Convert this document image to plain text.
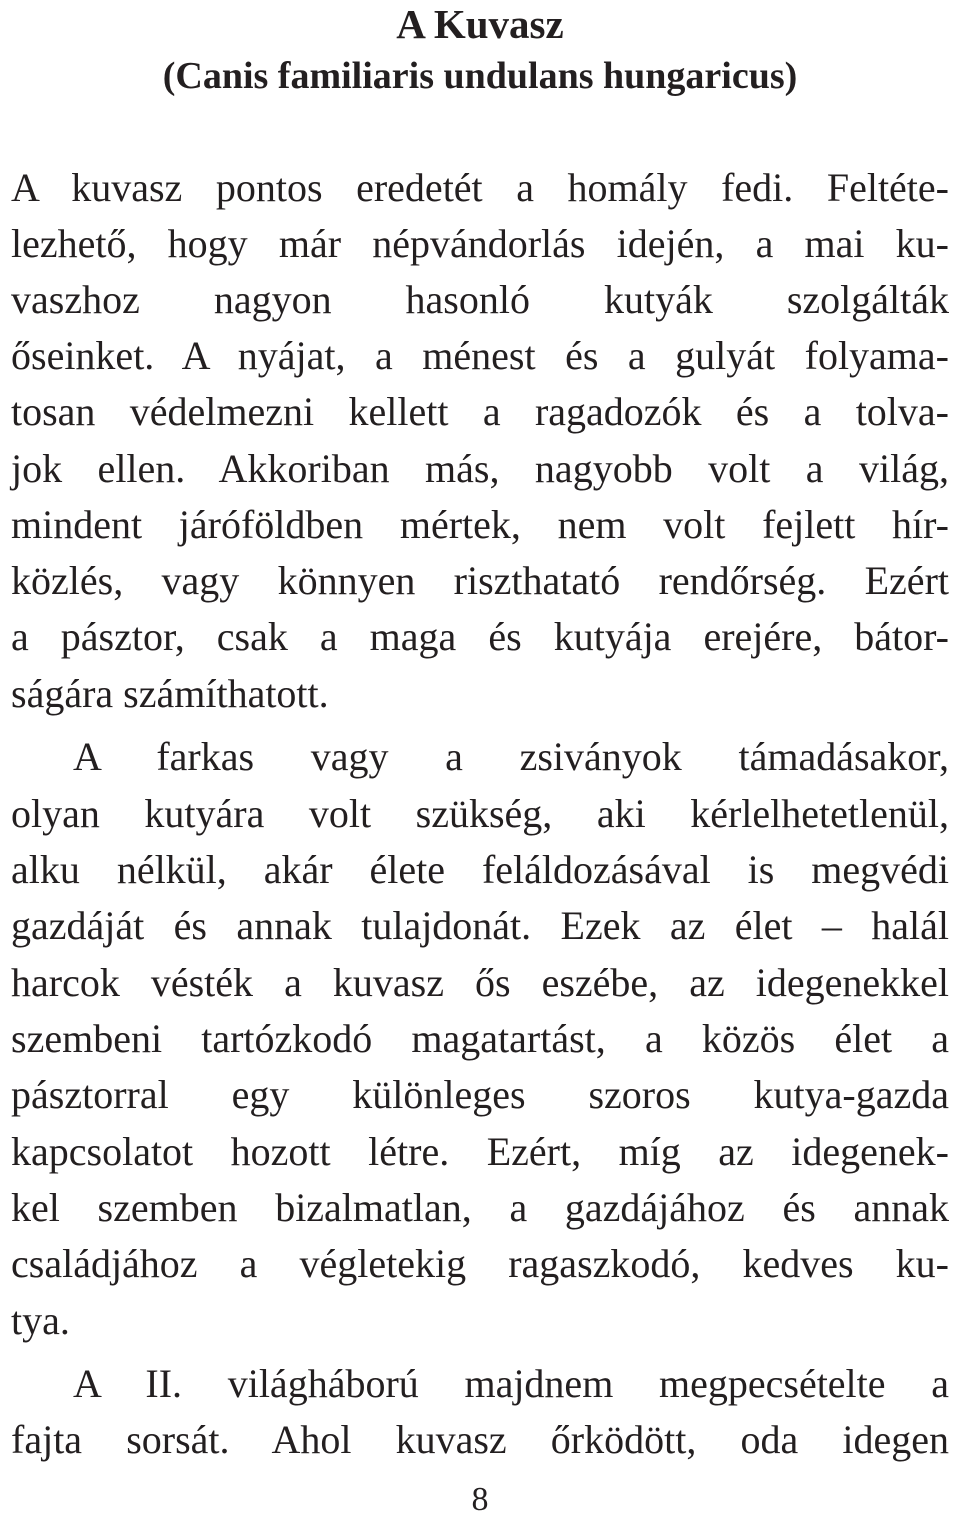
A Kuvasz
(Canis familiaris undulans hungaricus)

A kuvasz pontos eredetét a homály fedi. Feltéte-

lezhető, hogy már népvándorlás idején, a mai ku-

vaszhoz nagyon hasonló kutyák szolgálták

őseinket. A nyájat, a ménest és a gulyát folyama-

tosan védelmezni kellett a ragadozók és a tolva-

jok ellen. Akkoriban más, nagyobb volt a világ,

mindent járóföldben mértek, nem volt fejlett hír-

közlés, vagy könnyen riszthatató rendőrség. Ezért

a pásztor, csak a maga és kutyája erejére, bátor-

ságára számíthatott.

A farkas vagy a zsiványok támadásakor,

olyan kutyára volt szükség, aki kérlelhetetlenül,

alku nélkül, akár élete feláldozásával is megvédi

gazdáját és annak tulajdonát. Ezek az élet – halál

harcok vésték a kuvasz ős eszébe, az idegenekkel

szembeni tartózkodó magatartást, a közös élet a

pásztorral egy különleges szoros kutya-gazda

kapcsolatot hozott létre. Ezért, míg az idegenek-

kel szemben bizalmatlan, a gazdájához és annak

családjához a végletekig ragaszkodó, kedves ku-

tya.

A II. világháború majdnem megpecsételte a

fajta sorsát. Ahol kuvasz őrködött, oda idegen

8
